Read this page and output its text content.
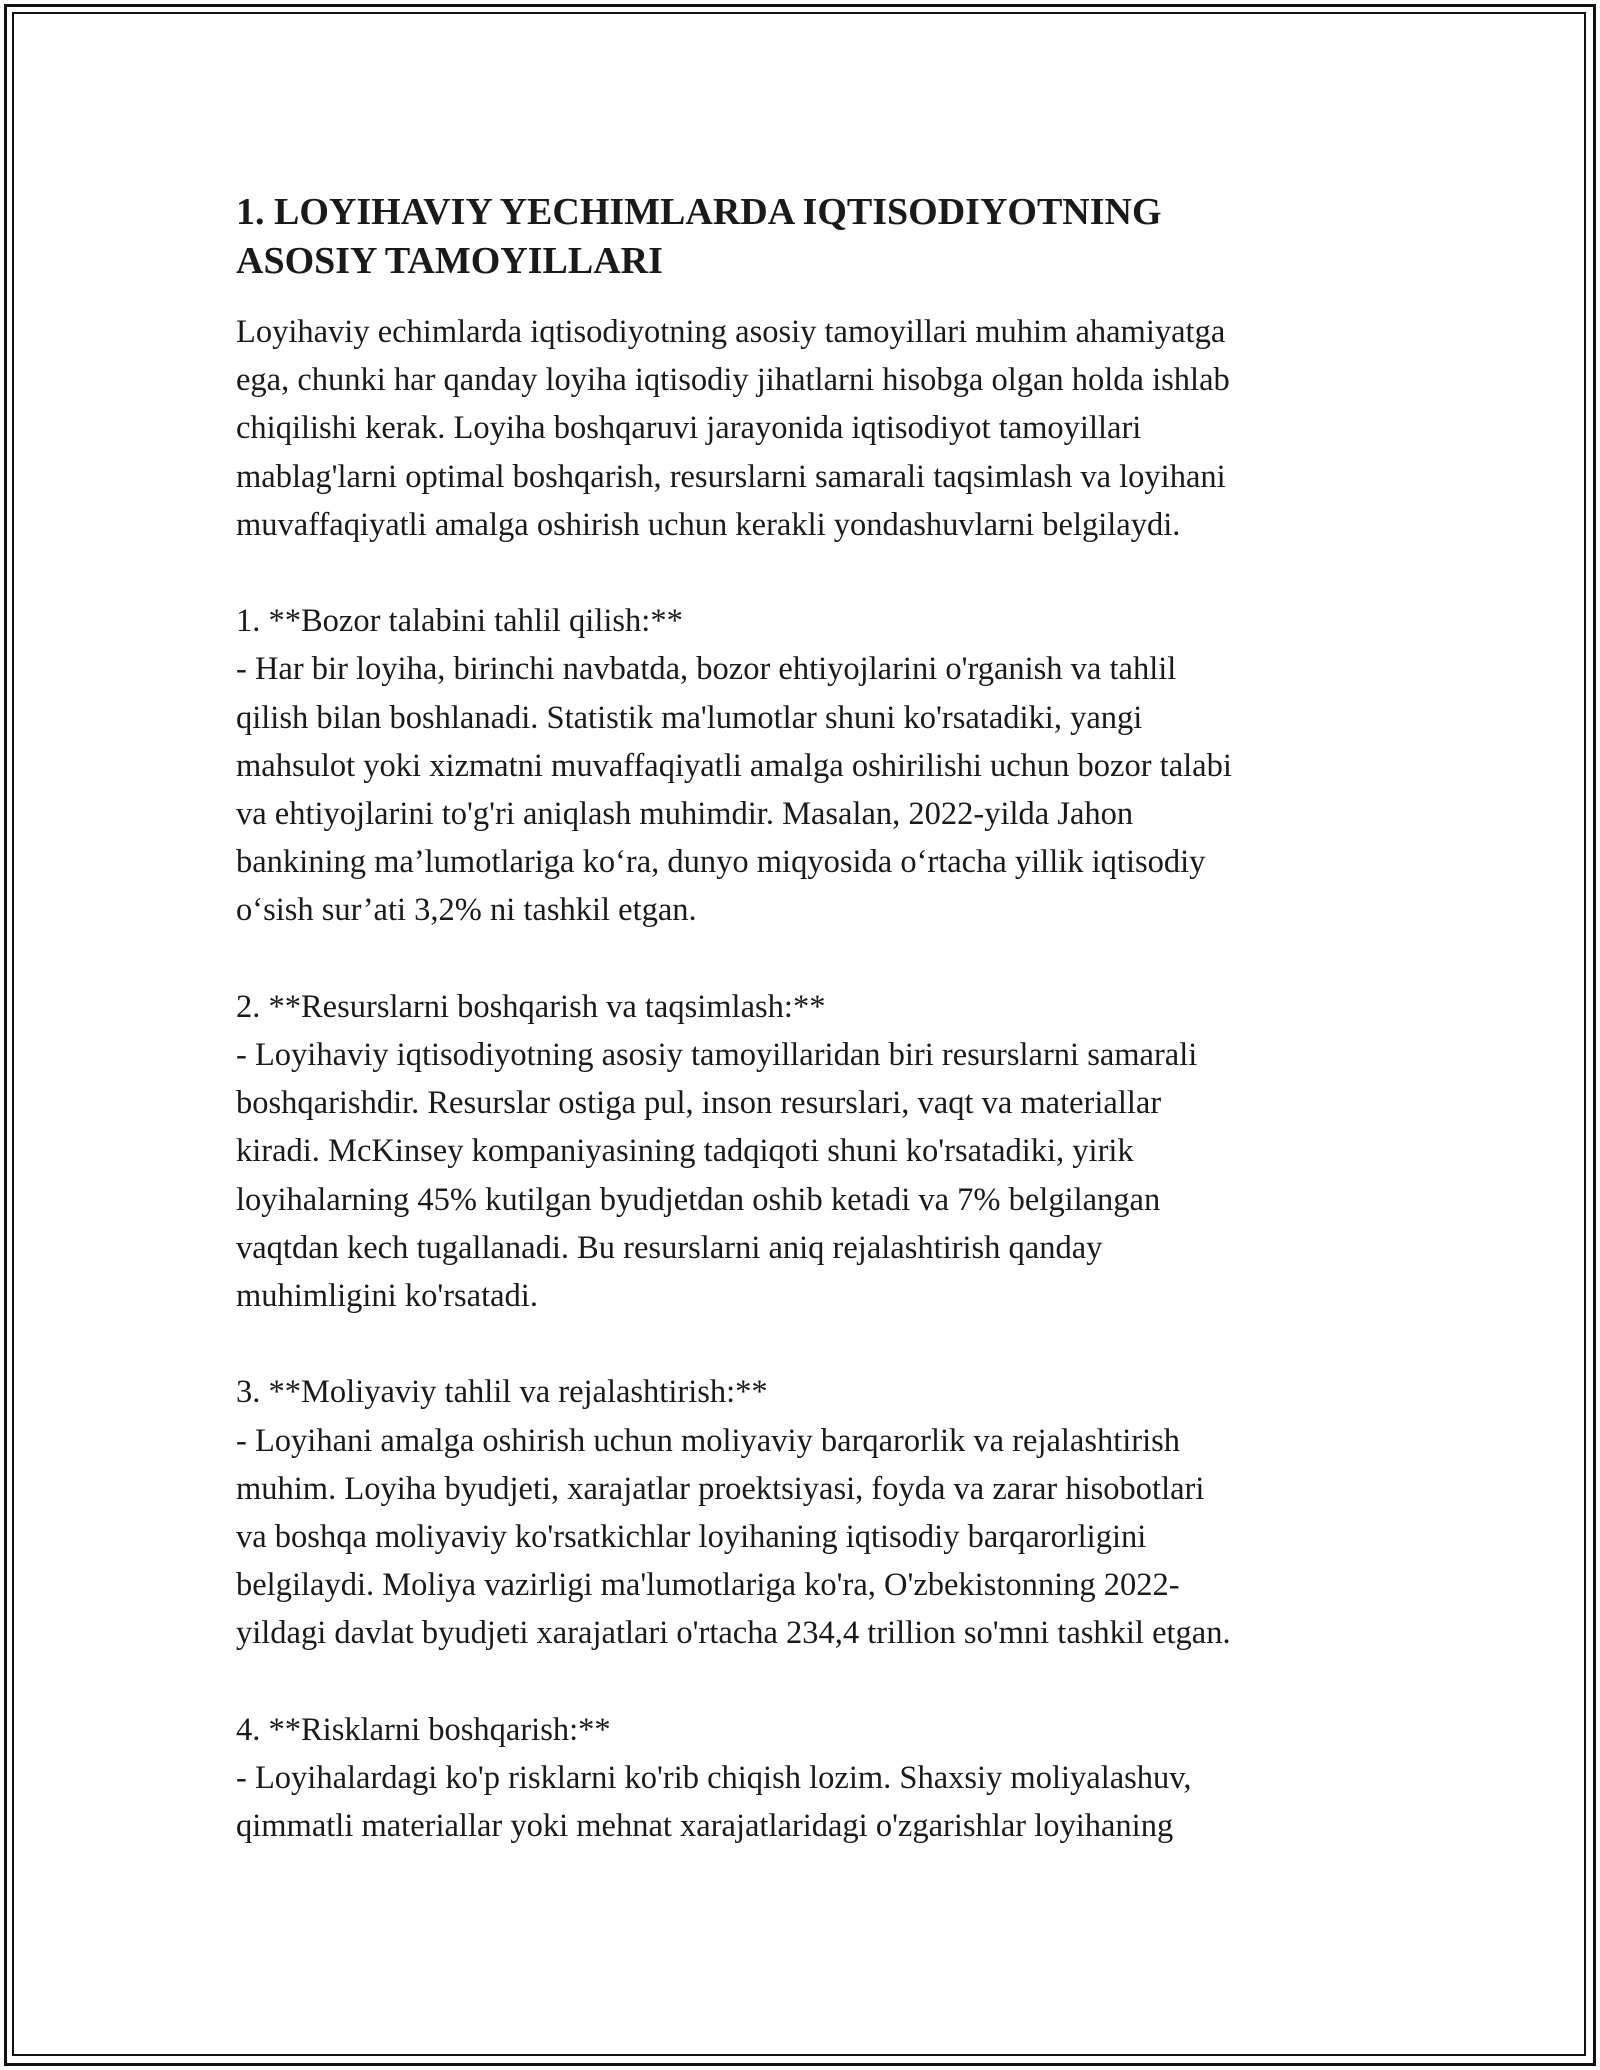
1. LOYIHAVIY YECHIMLARDA IQTISODIYOTNING
ASOSIY TAMOYILLARI

Loyihaviy echimlarda iqtisodiyotning asosiy tamoyillari muhim ahamiyatga
ega, chunki har qanday loyiha iqtisodiy jihatlarni hisobga olgan holda ishlab
chiqilishi kerak. Loyiha boshqaruvi jarayonida iqtisodiyot tamoyillari
mablag'larni optimal boshqarish, resurslarni samarali taqsimlash va loyihani
muvaffaqiyatli amalga oshirish uchun kerakli yondashuvlarni belgilaydi.

1. **Bozor talabini tahlil qilish:**

- Har bir loyiha, birinchi navbatda, bozor ehtiyojlarini o'rganish va tahlil
qilish bilan boshlanadi. Statistik ma'lumotlar shuni ko'rsatadiki, yangi
mahsulot yoki xizmatni muvaffaqiyatli amalga oshirilishi uchun bozor talabi
va ehtiyojlarini to'g'ri aniqlash muhimdir. Masalan, 2022-yilda Jahon
bankining ma’lumotlariga ko‘ra, dunyo miqyosida o‘rtacha yillik iqtisodiy
o‘sish sur’ati 3,2% ni tashkil etgan.

2. **Resurslarni boshqarish va taqsimlash:**

- Loyihaviy iqtisodiyotning asosiy tamoyillaridan biri resurslarni samarali
boshqarishdir. Resurslar ostiga pul, inson resurslari, vaqt va materiallar
kiradi. McKinsey kompaniyasining tadqiqoti shuni ko'rsatadiki, yirik
loyihalarning 45% kutilgan byudjetdan oshib ketadi va 7% belgilangan
vaqtdan kech tugallanadi. Bu resurslarni aniq rejalashtirish qanday
muhimligini ko'rsatadi.

3. **Moliyaviy tahlil va rejalashtirish:**

- Loyihani amalga oshirish uchun moliyaviy barqarorlik va rejalashtirish
muhim. Loyiha byudjeti, xarajatlar proektsiyasi, foyda va zarar hisobotlari
va boshqa moliyaviy ko'rsatkichlar loyihaning iqtisodiy barqarorligini
belgilaydi. Moliya vazirligi ma'lumotlariga ko'ra, O'zbekistonning 2022-
yildagi davlat byudjeti xarajatlari o'rtacha 234,4 trillion so'mni tashkil etgan.

4. **Risklarni boshqarish:**

- Loyihalardagi ko'p risklarni ko'rib chiqish lozim. Shaxsiy moliyalashuv,
qimmatli materiallar yoki mehnat xarajatlaridagi o'zgarishlar loyihaning
